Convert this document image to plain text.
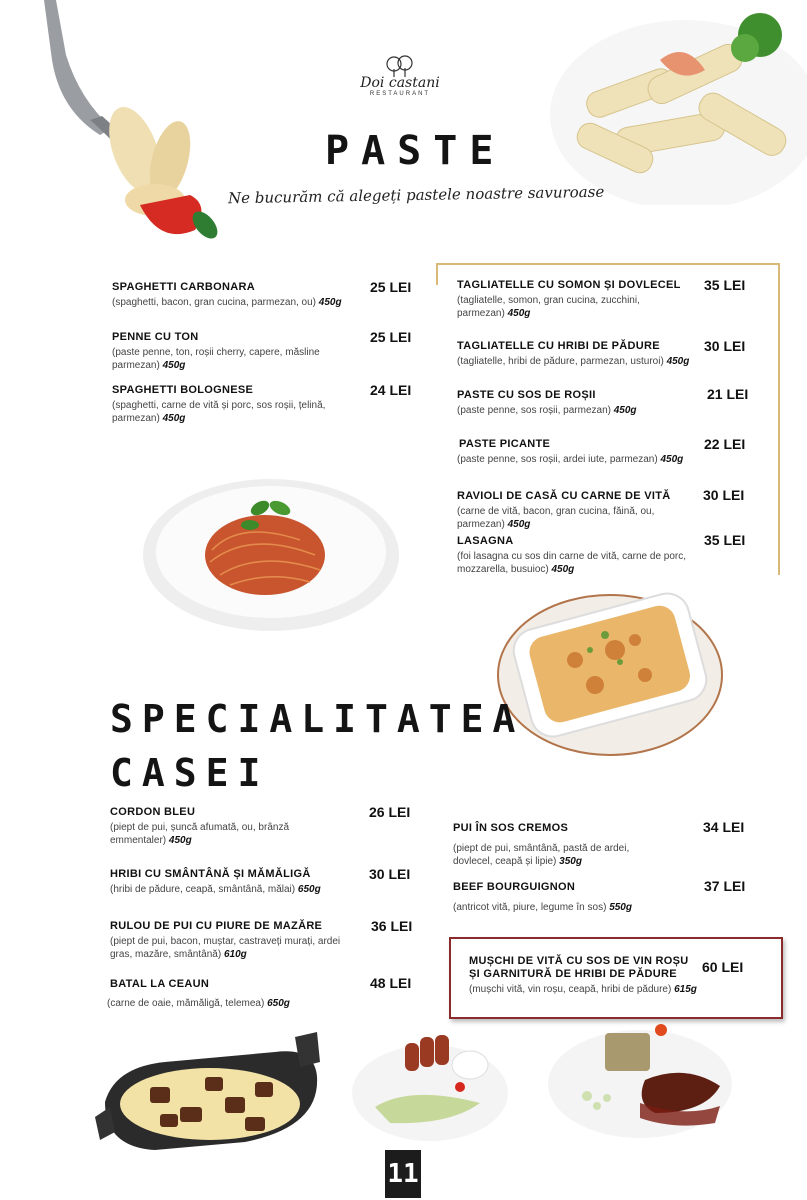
Doi castani
RESTAURANT
PASTE
Ne bucurăm că alegeți pastele noastre savuroase
SPAGHETTI CARBONARA
(spaghetti, bacon, gran cucina, parmezan, ou) 450g
25 LEI
PENNE CU TON
(paste penne, ton, roșii cherry, capere, măsline parmezan) 450g
25 LEI
SPAGHETTI BOLOGNESE
(spaghetti, carne de vită și porc, sos roșii, țelină, parmezan) 450g
24 LEI
TAGLIATELLE CU SOMON ȘI DOVLECEL
(tagliatelle, somon, gran cucina, zucchini, parmezan) 450g
35 LEI
TAGLIATELLE CU HRIBI DE PĂDURE
(tagliatelle, hribi de pădure, parmezan, usturoi) 450g
30 LEI
PASTE CU SOS DE ROȘII
(paste penne, sos roșii, parmezan) 450g
21 LEI
PASTE PICANTE
(paste penne, sos roșii, ardei iute, parmezan) 450g
22 LEI
RAVIOLI DE CASĂ CU CARNE DE VITĂ
(carne de vită, bacon, gran cucina, făină, ou, parmezan) 450g
30 LEI
LASAGNA
(foi lasagna cu sos din carne de vită, carne de porc, mozzarella, busuioc) 450g
35 LEI
SPECIALITATEA
CASEI
CORDON BLEU
(piept de pui, șuncă afumată, ou, brânză emmentaler) 450g
26 LEI
HRIBI CU SMÂNTÂNĂ ȘI MĂMĂLIGĂ
(hribi de pădure, ceapă, smântână, mălai) 650g
30 LEI
RULOU DE PUI CU PIURE DE MAZĂRE
(piept de pui, bacon, muștar, castraveți murați, ardei gras, mazăre, smântână) 610g
36 LEI
BATAL LA CEAUN
(carne de oaie, mămăligă, telemea) 650g
48 LEI
PUI ÎN SOS CREMOS
(piept de pui, smântână, pastă de ardei, dovlecel, ceapă și lipie) 350g
34 LEI
BEEF BOURGUIGNON
(antricot vită, piure, legume în sos) 550g
37 LEI
MUȘCHI DE VITĂ CU SOS DE VIN ROȘU
ȘI GARNITURĂ DE HRIBI DE PĂDURE
(mușchi vită, vin roșu, ceapă, hribi de pădure) 615g
60 LEI
11
